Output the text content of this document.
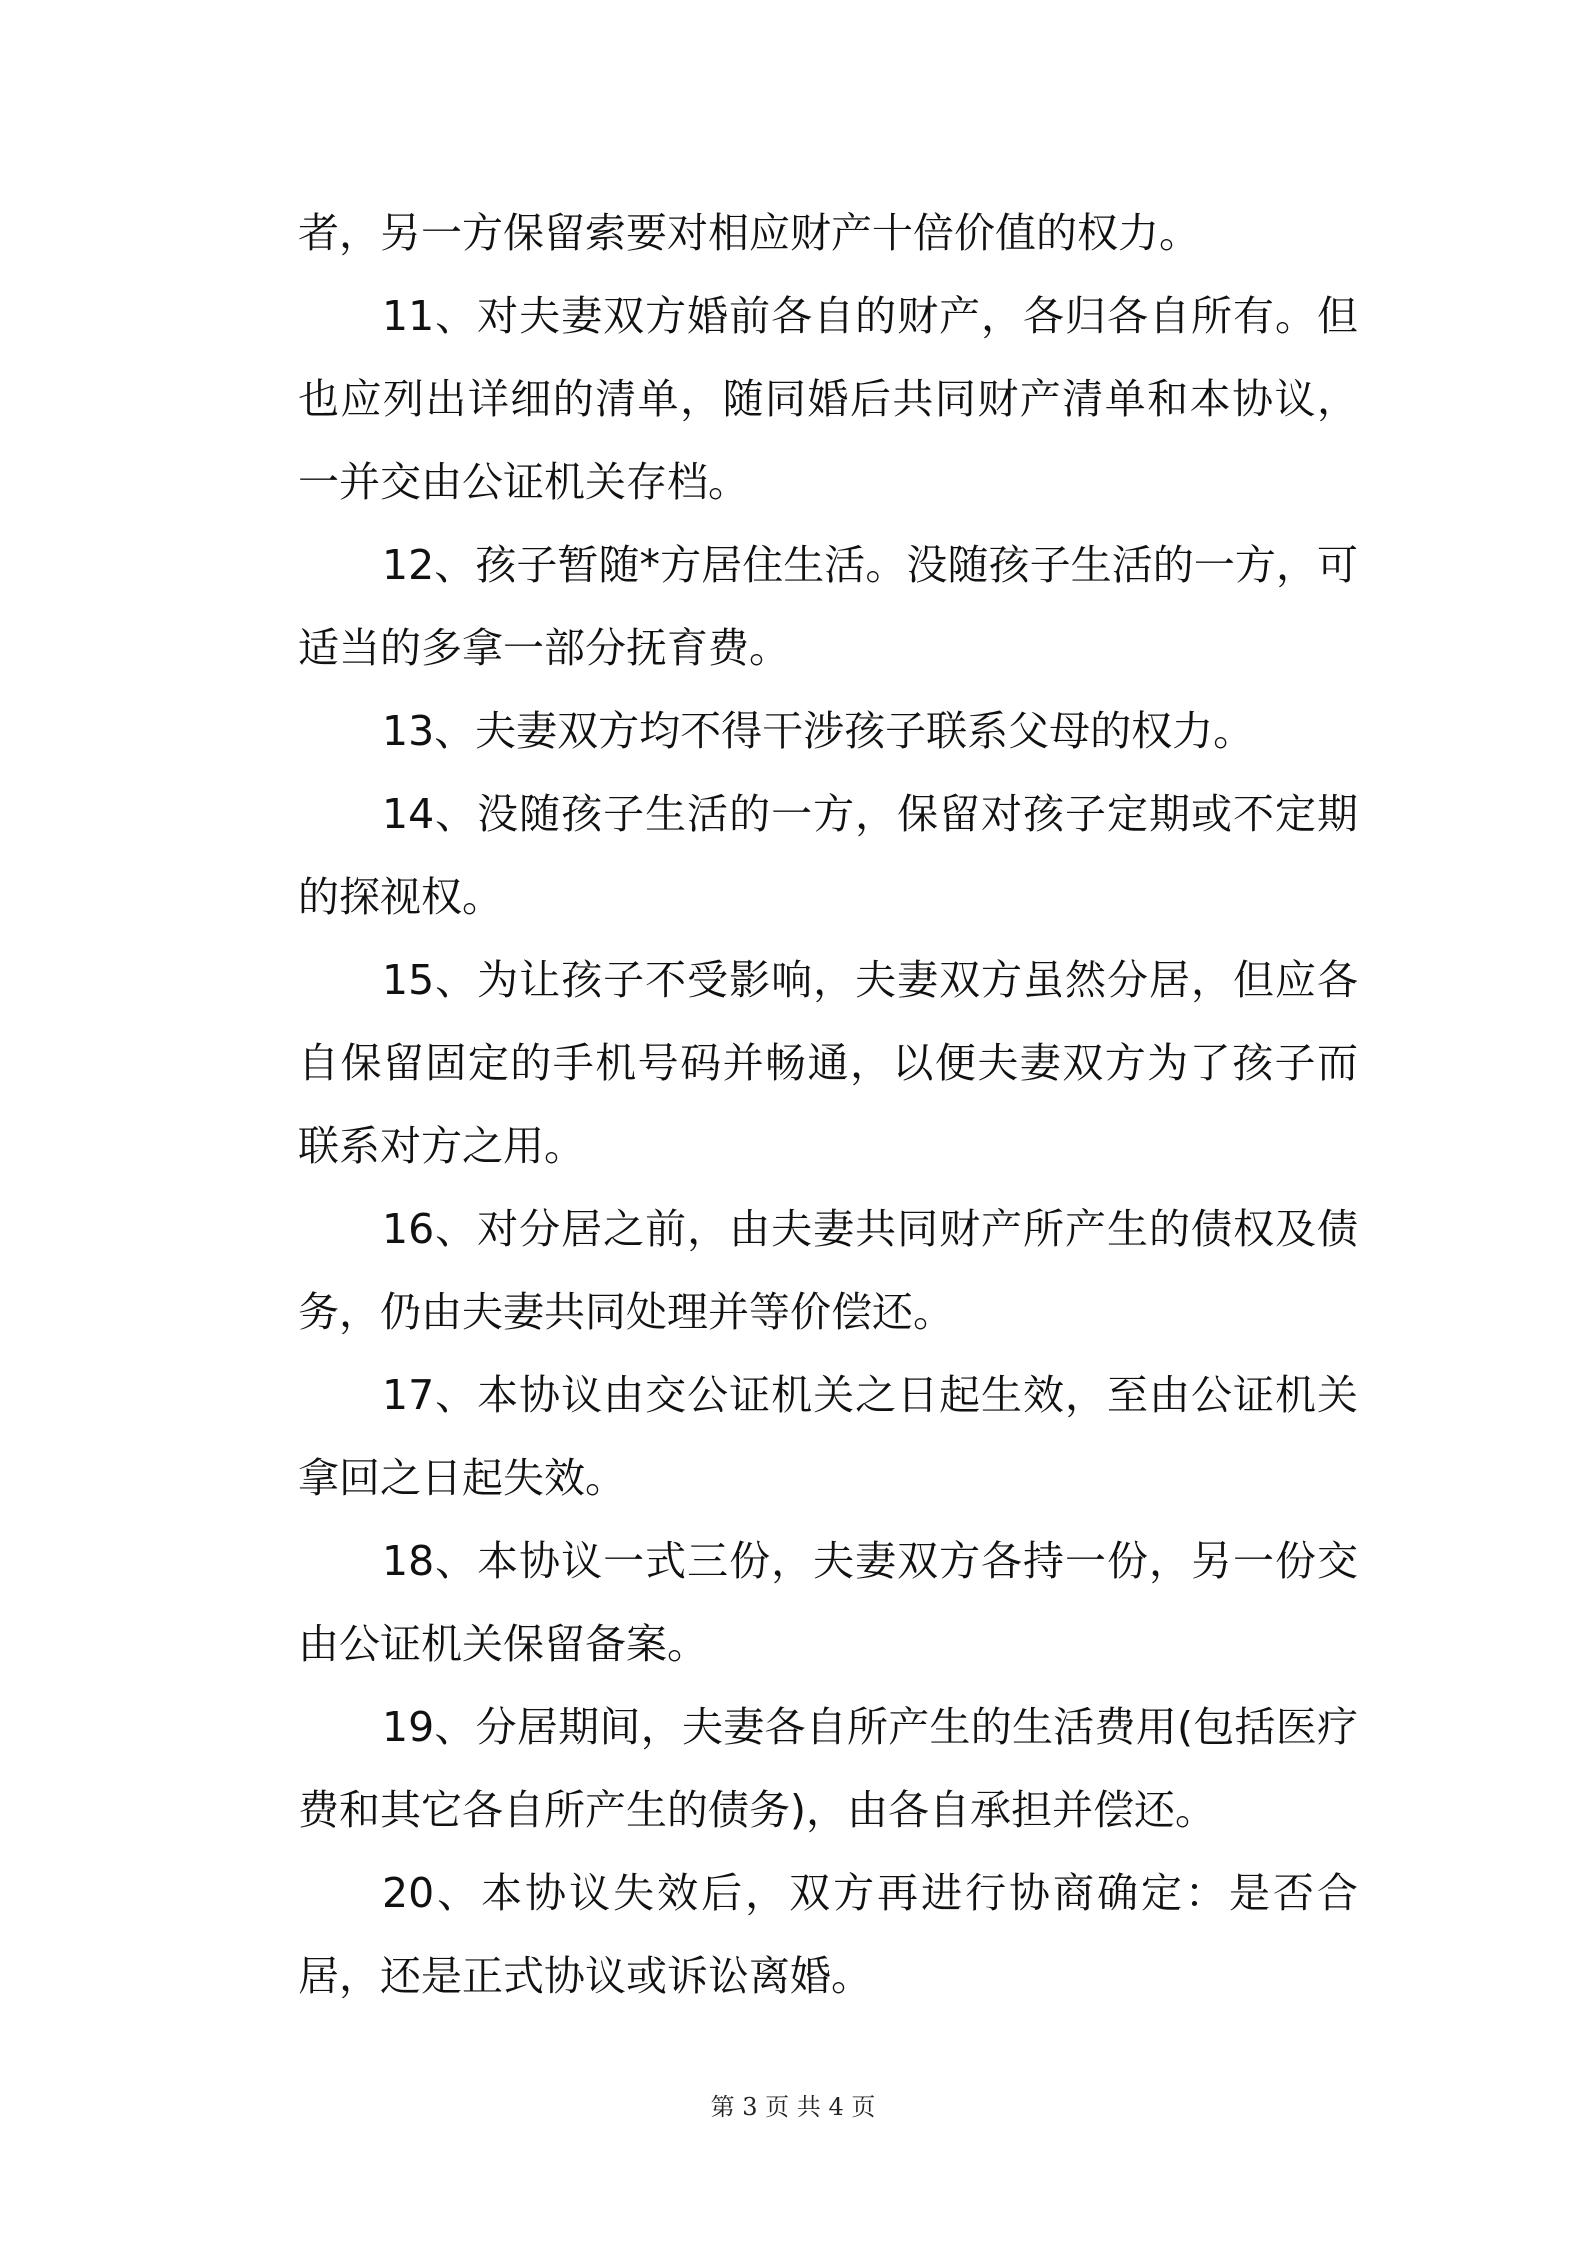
者，另一方保留索要对相应财产十倍价值的权力。

11、对夫妻双方婚前各自的财产，各归各自所有。但也应列出详细的清单，随同婚后共同财产清单和本协议，一并交由公证机关存档。

12、孩子暂随*方居住生活。没随孩子生活的一方，可适当的多拿一部分抚育费。

13、夫妻双方均不得干涉孩子联系父母的权力。

14、没随孩子生活的一方，保留对孩子定期或不定期的探视权。

15、为让孩子不受影响，夫妻双方虽然分居，但应各自保留固定的手机号码并畅通，以便夫妻双方为了孩子而联系对方之用。

16、对分居之前，由夫妻共同财产所产生的债权及债务，仍由夫妻共同处理并等价偿还。

17、本协议由交公证机关之日起生效，至由公证机关拿回之日起失效。

18、本协议一式三份，夫妻双方各持一份，另一份交由公证机关保留备案。

19、分居期间，夫妻各自所产生的生活费用(包括医疗费和其它各自所产生的债务)，由各自承担并偿还。

20、本协议失效后，双方再进行协商确定：是否合居，还是正式协议或诉讼离婚。

第 3 页 共 4 页
